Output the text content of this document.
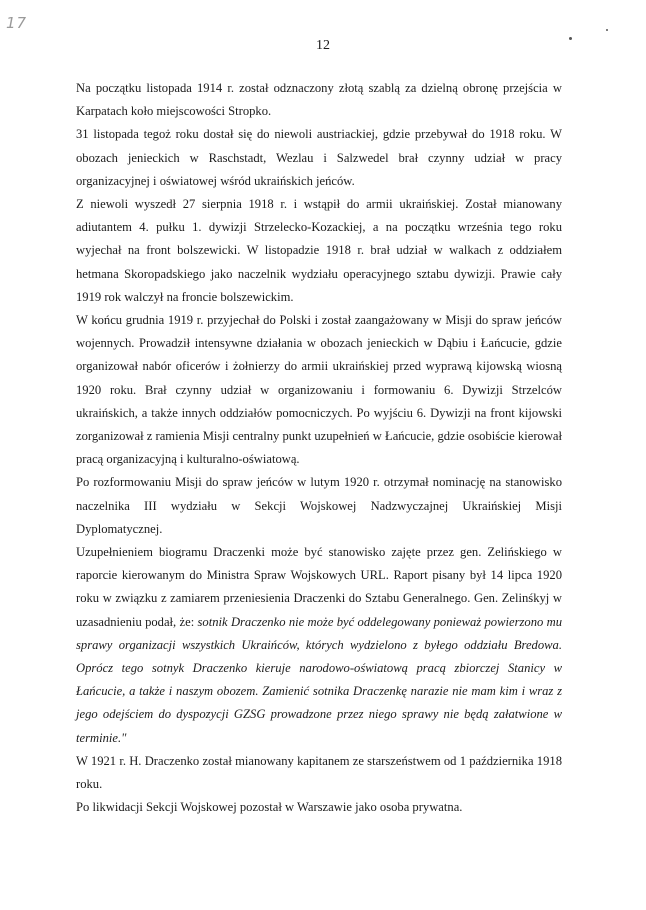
17
12

Na początku listopada 1914 r. został odznaczony złotą szablą za dzielną obronę przejścia w Karpatach koło miejscowości Stropko.

31 listopada tegoż roku dostał się do niewoli austriackiej, gdzie przebywał do 1918 roku. W obozach jenieckich w Raschstadt, Wezlau i Salzwedel brał czynny udział w pracy organizacyjnej i oświatowej wśród ukraińskich jeńców.

Z niewoli wyszedł 27 sierpnia 1918 r. i wstąpił do armii ukraińskiej. Został mianowany adiutantem 4. pułku 1. dywizji Strzelecko-Kozackiej, a na początku września tego roku wyjechał na front bolszewicki. W listopadzie 1918 r. brał udział w walkach z oddziałem hetmana Skoropadskiego jako naczelnik wydziału operacyjnego sztabu dywizji. Prawie cały 1919 rok walczył na froncie bolszewickim.

W końcu grudnia 1919 r. przyjechał do Polski i został zaangażowany w Misji do spraw jeńców wojennych. Prowadził intensywne działania w obozach jenieckich w Dąbiu i Łańcucie, gdzie organizował nabór oficerów i żołnierzy do armii ukraińskiej przed wyprawą kijowską wiosną 1920 roku. Brał czynny udział w organizowaniu i formowaniu 6. Dywizji Strzelców ukraińskich, a także innych oddziałów pomocniczych. Po wyjściu 6. Dywizji na front kijowski zorganizował z ramienia Misji centralny punkt uzupełnień w Łańcucie, gdzie osobiście kierował pracą organizacyjną i kulturalno-oświatową.

Po rozformowaniu Misji do spraw jeńców w lutym 1920 r. otrzymał nominację na stanowisko naczelnika III wydziału w Sekcji Wojskowej Nadzwyczajnej Ukraińskiej Misji Dyplomatycznej.

Uzupełnieniem biogramu Draczenki może być stanowisko zajęte przez gen. Zelińskiego w raporcie kierowanym do Ministra Spraw Wojskowych URL. Raport pisany był 14 lipca 1920 roku w związku z zamiarem przeniesienia Draczenki do Sztabu Generalnego. Gen. Zelinśkyj w uzasadnieniu podał, że: sotnik Draczenko nie może być oddelegowany ponieważ powierzono mu sprawy organizacji wszystkich Ukraińców, których wydzielono z byłego oddziału Bredowa. Oprócz tego sotnyk Draczenko kieruje narodowo-oświatową pracą zbiorczej Stanicy w Łańcucie, a także i naszym obozem. Zamienić sotnika Draczenkę narazie nie mam kim i wraz z jego odejściem do dyspozycji GZSG prowadzone przez niego sprawy nie będą załatwione w terminie."

W 1921 r. H. Draczenko został mianowany kapitanem ze starszeństwem od 1 października 1918 roku.

Po likwidacji Sekcji Wojskowej pozostał w Warszawie jako osoba prywatna.
